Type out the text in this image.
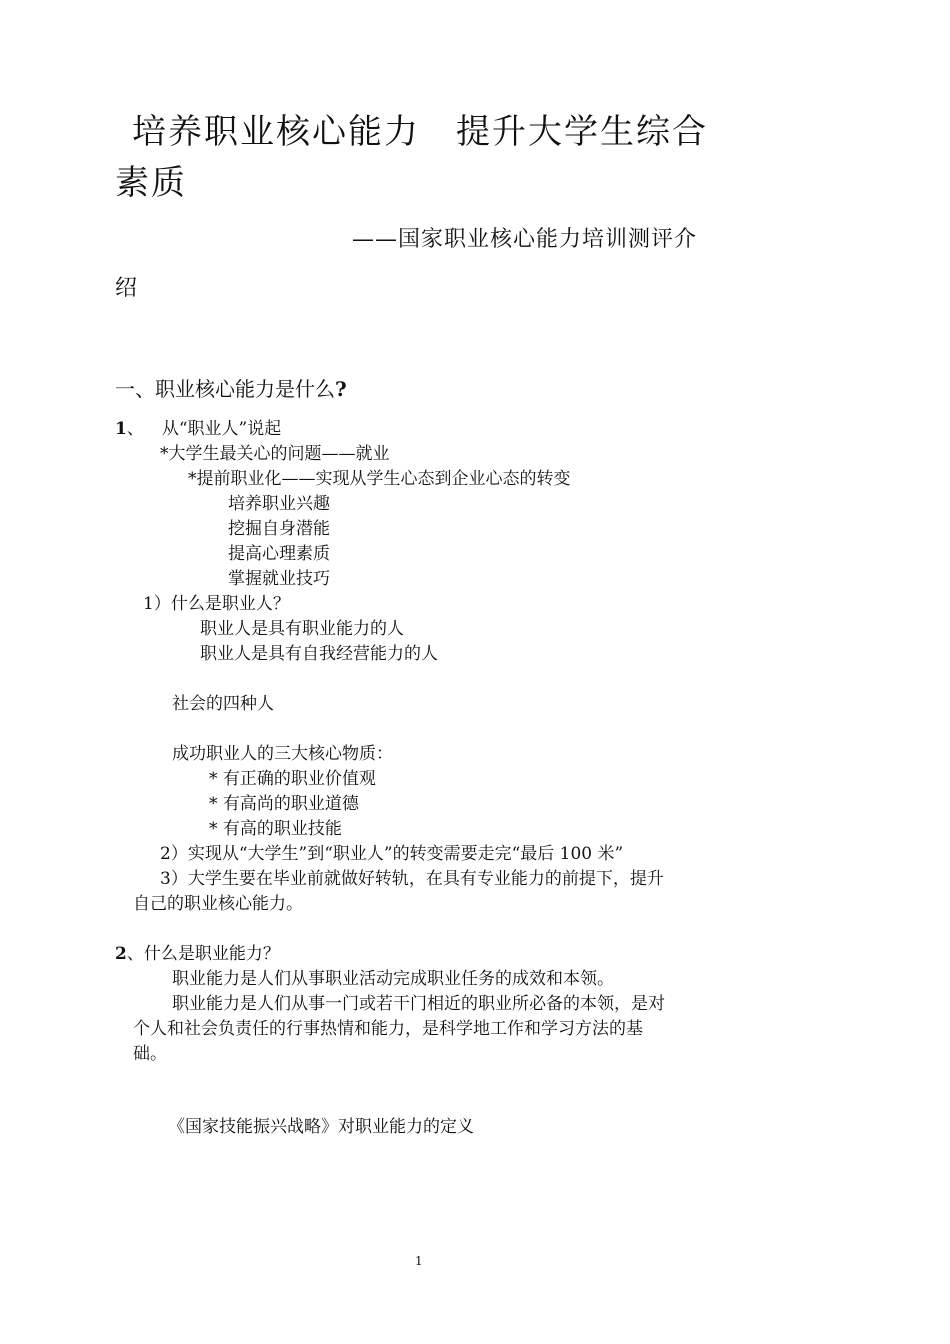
培养职业核心能力　提升大学生综合
素质
——国家职业核心能力培训测评介
绍
一、职业核心能力是什么?
1、 从“职业人”说起
*大学生最关心的问题——就业
*提前职业化——实现从学生心态到企业心态的转变
培养职业兴趣
挖掘自身潜能
提高心理素质
掌握就业技巧
1）什么是职业人？
职业人是具有职业能力的人
职业人是具有自我经营能力的人
社会的四种人
成功职业人的三大核心物质：
* 有正确的职业价值观
* 有高尚的职业道德
* 有高的职业技能
2）实现从“大学生”到“职业人”的转变需要走完“最后 100 米”
3）大学生要在毕业前就做好转轨，在具有专业能力的前提下，提升
自己的职业核心能力。
2、什么是职业能力？
职业能力是人们从事职业活动完成职业任务的成效和本领。
职业能力是人们从事一门或若干门相近的职业所必备的本领，是对
个人和社会负责任的行事热情和能力，是科学地工作和学习方法的基
础。
《国家技能振兴战略》对职业能力的定义
1
